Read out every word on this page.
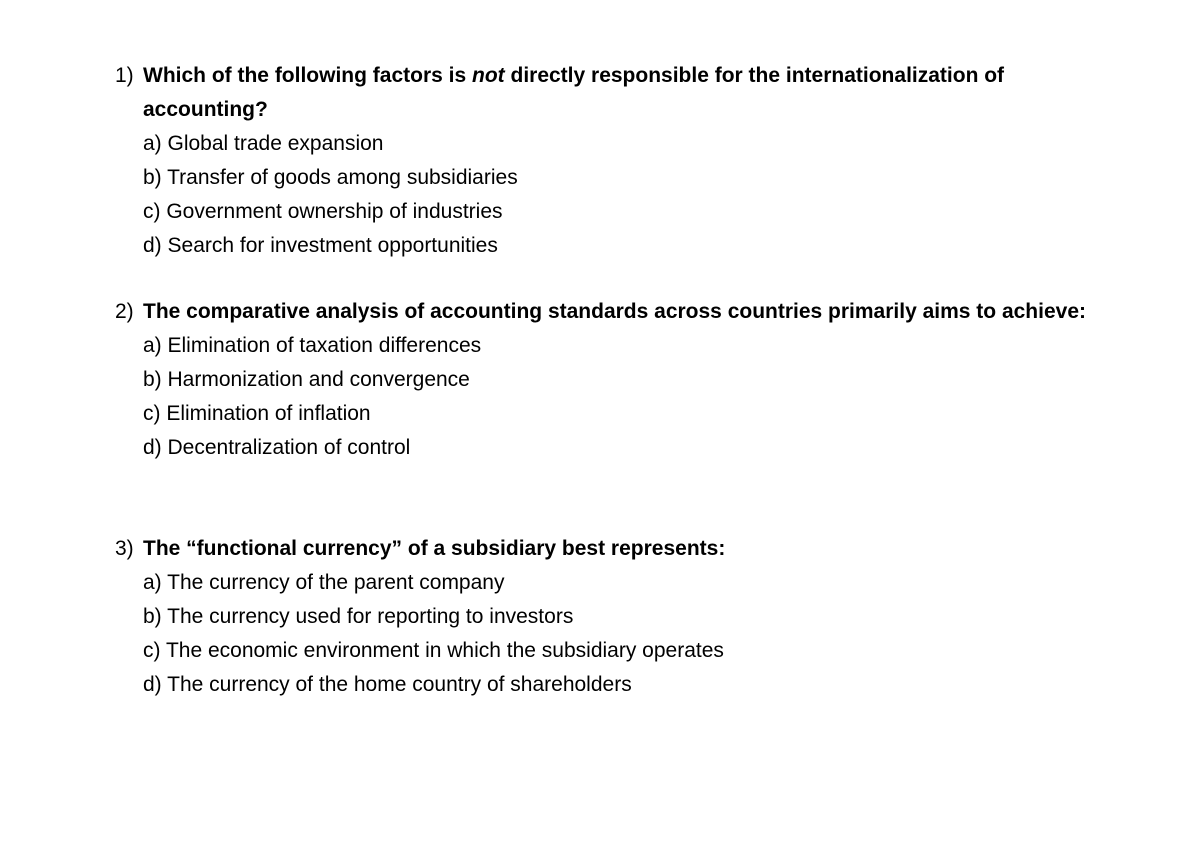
1) Which of the following factors is not directly responsible for the internationalization of accounting?
a) Global trade expansion
b) Transfer of goods among subsidiaries
c) Government ownership of industries
d) Search for investment opportunities
2) The comparative analysis of accounting standards across countries primarily aims to achieve:
a) Elimination of taxation differences
b) Harmonization and convergence
c) Elimination of inflation
d) Decentralization of control
3) The “functional currency” of a subsidiary best represents:
a) The currency of the parent company
b) The currency used for reporting to investors
c) The economic environment in which the subsidiary operates
d) The currency of the home country of shareholders
